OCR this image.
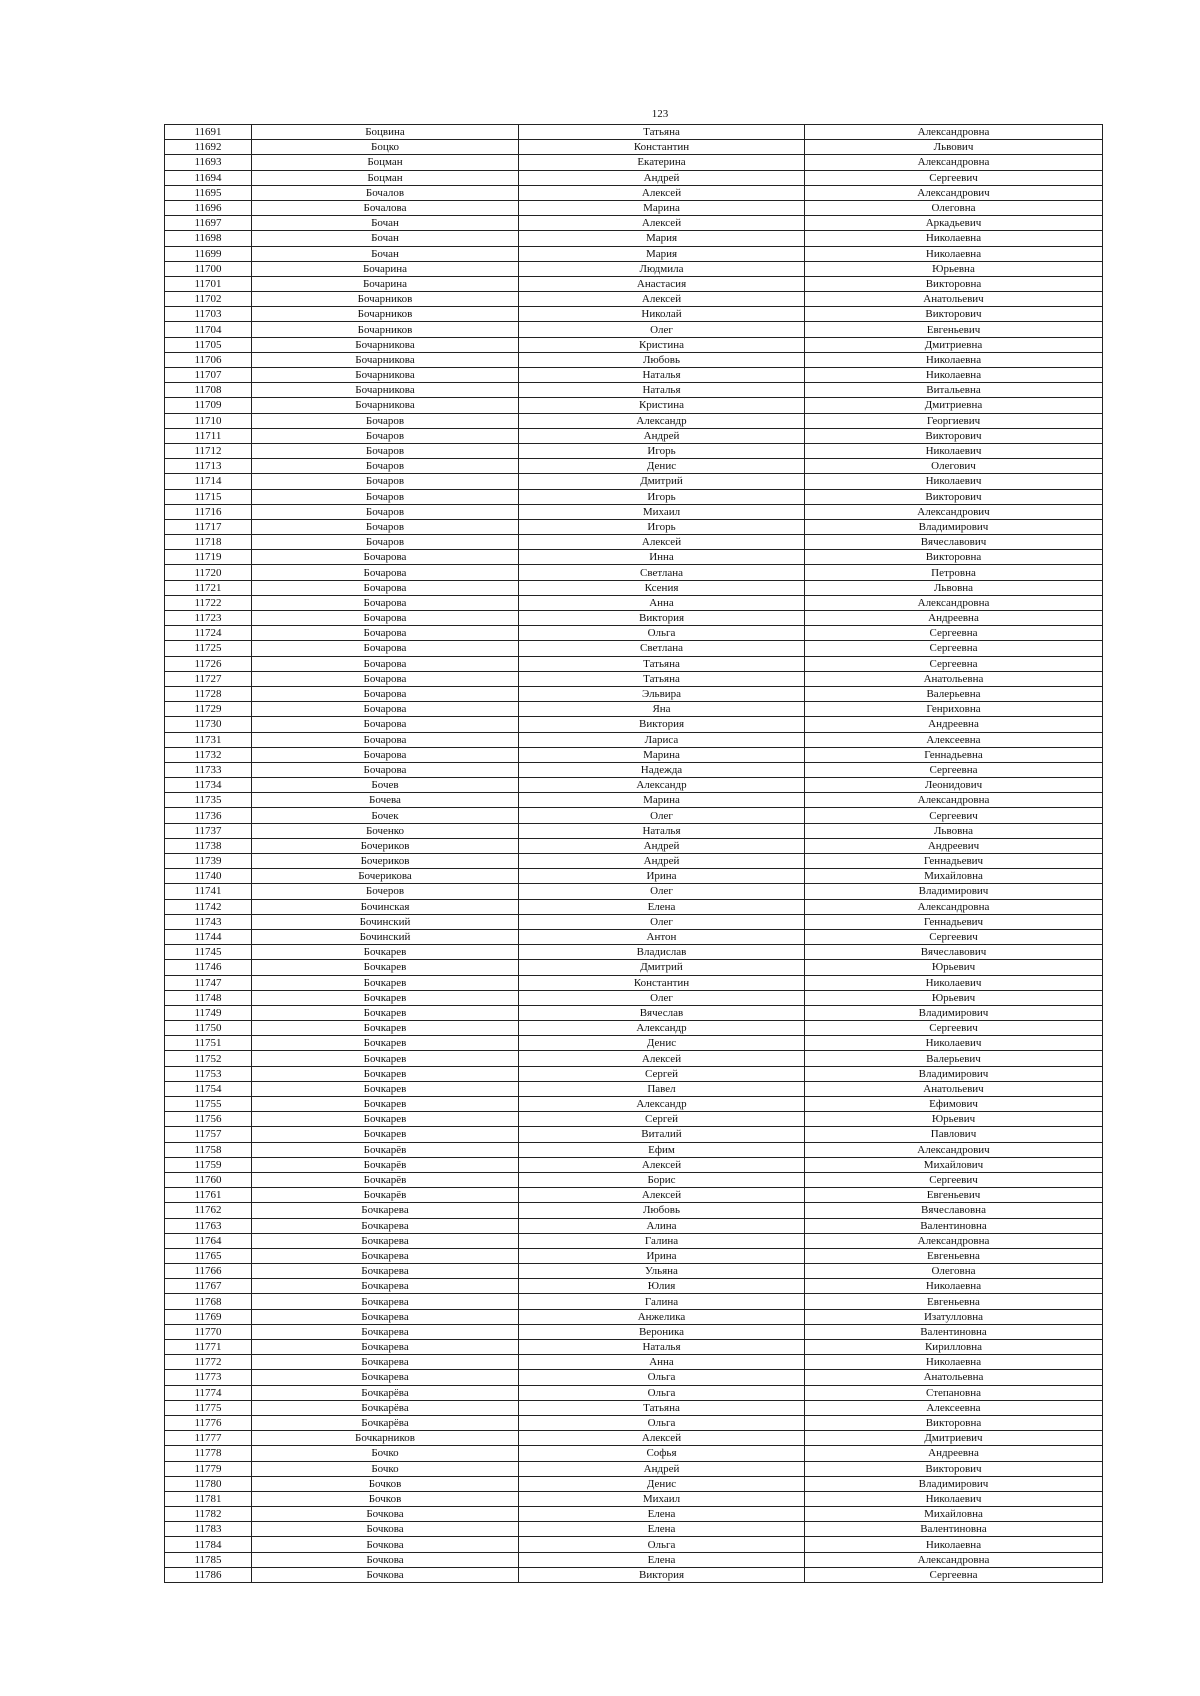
123
11691	Боцвина	Татьяна	Александровна
11692	Боцко	Константин	Львович
11693	Боцман	Екатерина	Александровна
11694	Боцман	Андрей	Сергеевич
11695	Бочалов	Алексей	Александрович
11696	Бочалова	Марина	Олеговна
11697	Бочан	Алексей	Аркадьевич
11698	Бочан	Мария	Николаевна
11699	Бочан	Мария	Николаевна
11700	Бочарина	Людмила	Юрьевна
11701	Бочарина	Анастасия	Викторовна
11702	Бочарников	Алексей	Анатольевич
11703	Бочарников	Николай	Викторович
11704	Бочарников	Олег	Евгеньевич
11705	Бочарникова	Кристина	Дмитриевна
11706	Бочарникова	Любовь	Николаевна
11707	Бочарникова	Наталья	Николаевна
11708	Бочарникова	Наталья	Витальевна
11709	Бочарникова	Кристина	Дмитриевна
11710	Бочаров	Александр	Георгиевич
11711	Бочаров	Андрей	Викторович
11712	Бочаров	Игорь	Николаевич
11713	Бочаров	Денис	Олегович
11714	Бочаров	Дмитрий	Николаевич
11715	Бочаров	Игорь	Викторович
11716	Бочаров	Михаил	Александрович
11717	Бочаров	Игорь	Владимирович
11718	Бочаров	Алексей	Вячеславович
11719	Бочарова	Инна	Викторовна
11720	Бочарова	Светлана	Петровна
11721	Бочарова	Ксения	Львовна
11722	Бочарова	Анна	Александровна
11723	Бочарова	Виктория	Андреевна
11724	Бочарова	Ольга	Сергеевна
11725	Бочарова	Светлана	Сергеевна
11726	Бочарова	Татьяна	Сергеевна
11727	Бочарова	Татьяна	Анатольевна
11728	Бочарова	Эльвира	Валерьевна
11729	Бочарова	Яна	Генриховна
11730	Бочарова	Виктория	Андреевна
11731	Бочарова	Лариса	Алексеевна
11732	Бочарова	Марина	Геннадьевна
11733	Бочарова	Надежда	Сергеевна
11734	Бочев	Александр	Леонидович
11735	Бочева	Марина	Александровна
11736	Бочек	Олег	Сергеевич
11737	Боченко	Наталья	Львовна
11738	Бочериков	Андрей	Андреевич
11739	Бочериков	Андрей	Геннадьевич
11740	Бочерикова	Ирина	Михайловна
11741	Бочеров	Олег	Владимирович
11742	Бочинская	Елена	Александровна
11743	Бочинский	Олег	Геннадьевич
11744	Бочинский	Антон	Сергеевич
11745	Бочкарев	Владислав	Вячеславович
11746	Бочкарев	Дмитрий	Юрьевич
11747	Бочкарев	Константин	Николаевич
11748	Бочкарев	Олег	Юрьевич
11749	Бочкарев	Вячеслав	Владимирович
11750	Бочкарев	Александр	Сергеевич
11751	Бочкарев	Денис	Николаевич
11752	Бочкарев	Алексей	Валерьевич
11753	Бочкарев	Сергей	Владимирович
11754	Бочкарев	Павел	Анатольевич
11755	Бочкарев	Александр	Ефимович
11756	Бочкарев	Сергей	Юрьевич
11757	Бочкарев	Виталий	Павлович
11758	Бочкарёв	Ефим	Александрович
11759	Бочкарёв	Алексей	Михайлович
11760	Бочкарёв	Борис	Сергеевич
11761	Бочкарёв	Алексей	Евгеньевич
11762	Бочкарева	Любовь	Вячеславовна
11763	Бочкарева	Алина	Валентиновна
11764	Бочкарева	Галина	Александровна
11765	Бочкарева	Ирина	Евгеньевна
11766	Бочкарева	Ульяна	Олеговна
11767	Бочкарева	Юлия	Николаевна
11768	Бочкарева	Галина	Евгеньевна
11769	Бочкарева	Анжелика	Изатулловна
11770	Бочкарева	Вероника	Валентиновна
11771	Бочкарева	Наталья	Кирилловна
11772	Бочкарева	Анна	Николаевна
11773	Бочкарева	Ольга	Анатольевна
11774	Бочкарёва	Ольга	Степановна
11775	Бочкарёва	Татьяна	Алексеевна
11776	Бочкарёва	Ольга	Викторовна
11777	Бочкарников	Алексей	Дмитриевич
11778	Бочко	Софья	Андреевна
11779	Бочко	Андрей	Викторович
11780	Бочков	Денис	Владимирович
11781	Бочков	Михаил	Николаевич
11782	Бочкова	Елена	Михайловна
11783	Бочкова	Елена	Валентиновна
11784	Бочкова	Ольга	Николаевна
11785	Бочкова	Елена	Александровна
11786	Бочкова	Виктория	Сергеевна
